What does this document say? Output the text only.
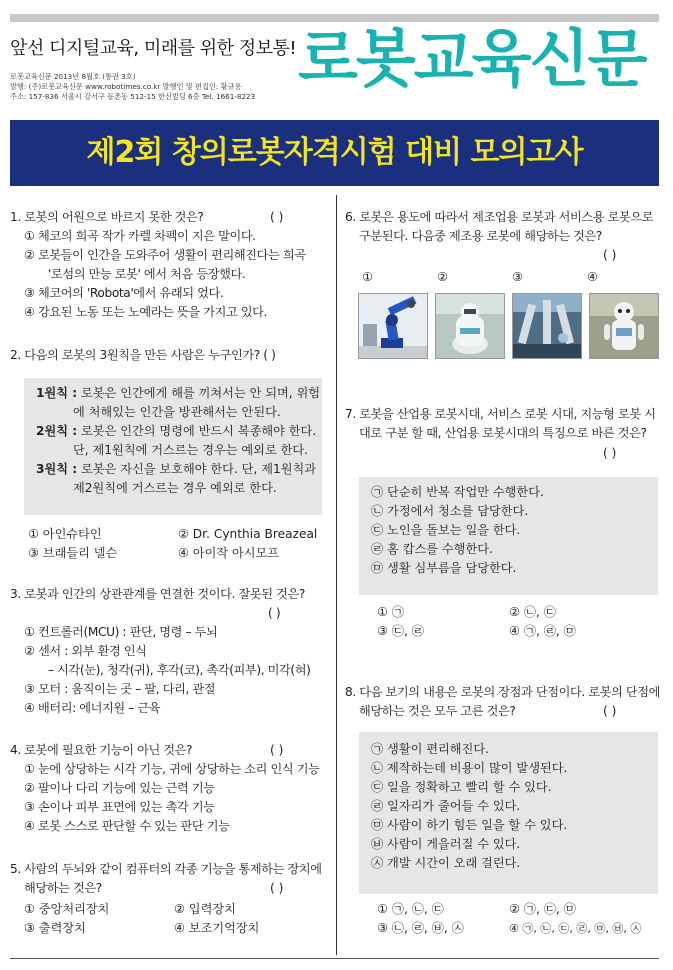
앞선 디지털교육, 미래를 위한 정보통!
로봇교육신문 2013년 8월호 (통권 3호)
발행: (주)로봇교육신문 www.robotimes.co.kr 발행인 및 편집인: 황규용
주소: 157-836 서울시 강서구 등촌동 512-15 한신빌딩 6층 Tel. 1661-8223
로봇교육신문
제2회 창의로봇자격시험 대비 모의고사
1. 로봇의 어원으로 바르지 못한 것은?
① 체코의 희곡 작가 카렐 차펙이 지은 말이다.
② 로봇들이 인간을 도와주어 생활이 편리해진다는 희곡
'로섬의 만능 로봇' 에서 처음 등장했다.
③ 체코어의 'Robota'에서 유래되 었다.
④ 강요된 노동 또는 노예라는 뜻을 가지고 있다.
( )
2. 다음의 로봇의 3원칙을 만든 사람은 누구인가? ( )
1원칙 : 로봇은 인간에게 해를 끼쳐서는 안 되며, 위험
에 처해있는 인간을 방관해서는 안된다.
2원칙 : 로봇은 인간의 명령에 반드시 복종해야 한다.
단, 제1원칙에 거스르는 경우는 예외로 한다.
3원칙 : 로봇은 자신을 보호해야 한다. 단, 제1원칙과
제2원칙에 거스르는 경우 예외로 한다.
① 아인슈타인	② Dr. Cynthia Breazeal
③ 브래들리 넬슨	④ 아이작 아시모프
3. 로봇과 인간의 상관관계를 연결한 것이다. 잘못된 것은?
( )
① 컨트롤러(MCU) : 판단, 명령 – 두뇌
② 센서 : 외부 환경 인식
– 시각(눈), 청각(귀), 후각(코), 촉각(피부), 미각(혀)
③ 모터 : 움직이는 곳 – 팔, 다리, 관절
④ 배터리: 에너지원 – 근육
4. 로봇에 필요한 기능이 아닌 것은?
① 눈에 상당하는 시각 기능, 귀에 상당하는 소리 인식 기능
② 팔이나 다리 기능에 있는 근력 기능
③ 손이나 피부 표면에 있는 촉각 기능
④ 로봇 스스로 판단할 수 있는 판단 기능
( )
5. 사람의 두뇌와 같이 컴퓨터의 각종 기능을 통제하는 장치에
해당하는 것은?	( )
① 중앙처리장치	② 입력장치
③ 출력장치	④ 보조기억장치
6. 로봇은 용도에 따라서 제조업용 로봇과 서비스용 로봇으로
구분된다. 다음중 제조용 로봇에 해당하는 것은?
( )
①	②	③	④
7. 로봇을 산업용 로봇시대, 서비스 로봇 시대, 지능형 로봇 시
대로 구분 할 때, 산업용 로봇시대의 특징으로 바른 것은?
( )
㉠ 단순히 반복 작업만 수행한다.
㉡ 가정에서 청소를 담당한다.
㉢ 노인을 돌보는 일을 한다.
㉣ 홈 캅스를 수행한다.
㉤ 생활 심부름을 담당한다.
① ㉠	② ㉡, ㉢
③ ㉢, ㉣	④ ㉠, ㉣, ㉤
8. 다음 보기의 내용은 로봇의 장점과 단점이다. 로봇의 단점에
해당하는 것은 모두 고른 것은?	( )
㉠ 생활이 편리해진다.
㉡ 제작하는데 비용이 많이 발생된다.
㉢ 일을 정확하고 빨리 할 수 있다.
㉣ 일자리가 줄어들 수 있다.
㉤ 사람이 하기 힘든 일을 할 수 있다.
㉥ 사람이 게을러질 수 있다.
㉦ 개발 시간이 오래 걸린다.
① ㉠, ㉡, ㉢	② ㉠, ㉢, ㉤
③ ㉡, ㉣, ㉥, ㉦	④ ㉠, ㉡, ㉢, ㉣, ㉤, ㉥, ㉦
